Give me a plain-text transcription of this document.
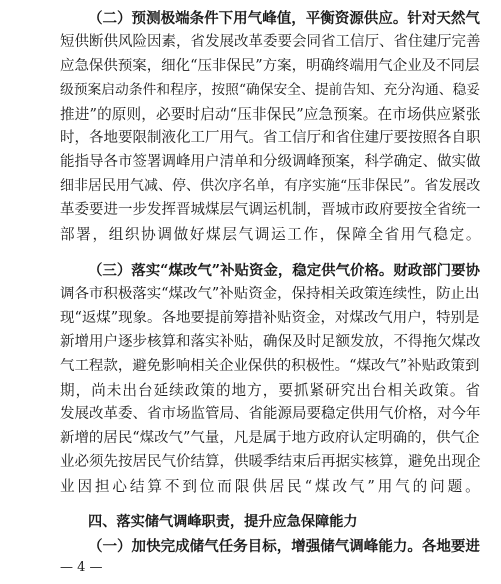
（二）预测极端条件下用气峰值，平衡资源供应。针对天然气
短供断供风险因素，省发展改革委要会同省工信厅、省住建厅完善
应急保供预案，细化“压非保民”方案，明确终端用气企业及不同层
级预案启动条件和程序，按照“确保安全、提前告知、充分沟通、稳妥
推进”的原则，必要时启动“压非保民”应急预案。在市场供应紧张
时，各地要限制液化工厂用气。省工信厅和省住建厅要按照各自职
能指导各市签署调峰用户清单和分级调峰预案，科学确定、做实做
细非居民用气减、停、供次序名单，有序实施“压非保民”。省发展改
革委要进一步发挥晋城煤层气调运机制，晋城市政府要按全省统一
部署，组织协调做好煤层气调运工作，保障全省用气稳定。
（三）落实“煤改气”补贴资金，稳定供气价格。财政部门要协
调各市积极落实“煤改气”补贴资金，保持相关政策连续性，防止出
现“返煤”现象。各地要提前筹措补贴资金，对煤改气用户，特别是
新增用户逐步核算和落实补贴，确保及时足额发放，不得拖欠煤改
气工程款，避免影响相关企业保供的积极性。“煤改气”补贴政策到
期，尚未出台延续政策的地方，要抓紧研究出台相关政策。省
发展改革委、省市场监管局、省能源局要稳定供用气价格，对今年
新增的居民“煤改气”气量，凡是属于地方政府认定明确的，供气企
业必须先按居民气价结算，供暖季结束后再据实核算，避免出现企
业因担心结算不到位而限供居民“煤改气”用气的问题。
四、落实储气调峰职责，提升应急保障能力
（一）加快完成储气任务目标，增强储气调峰能力。各地要进
— 4 —
